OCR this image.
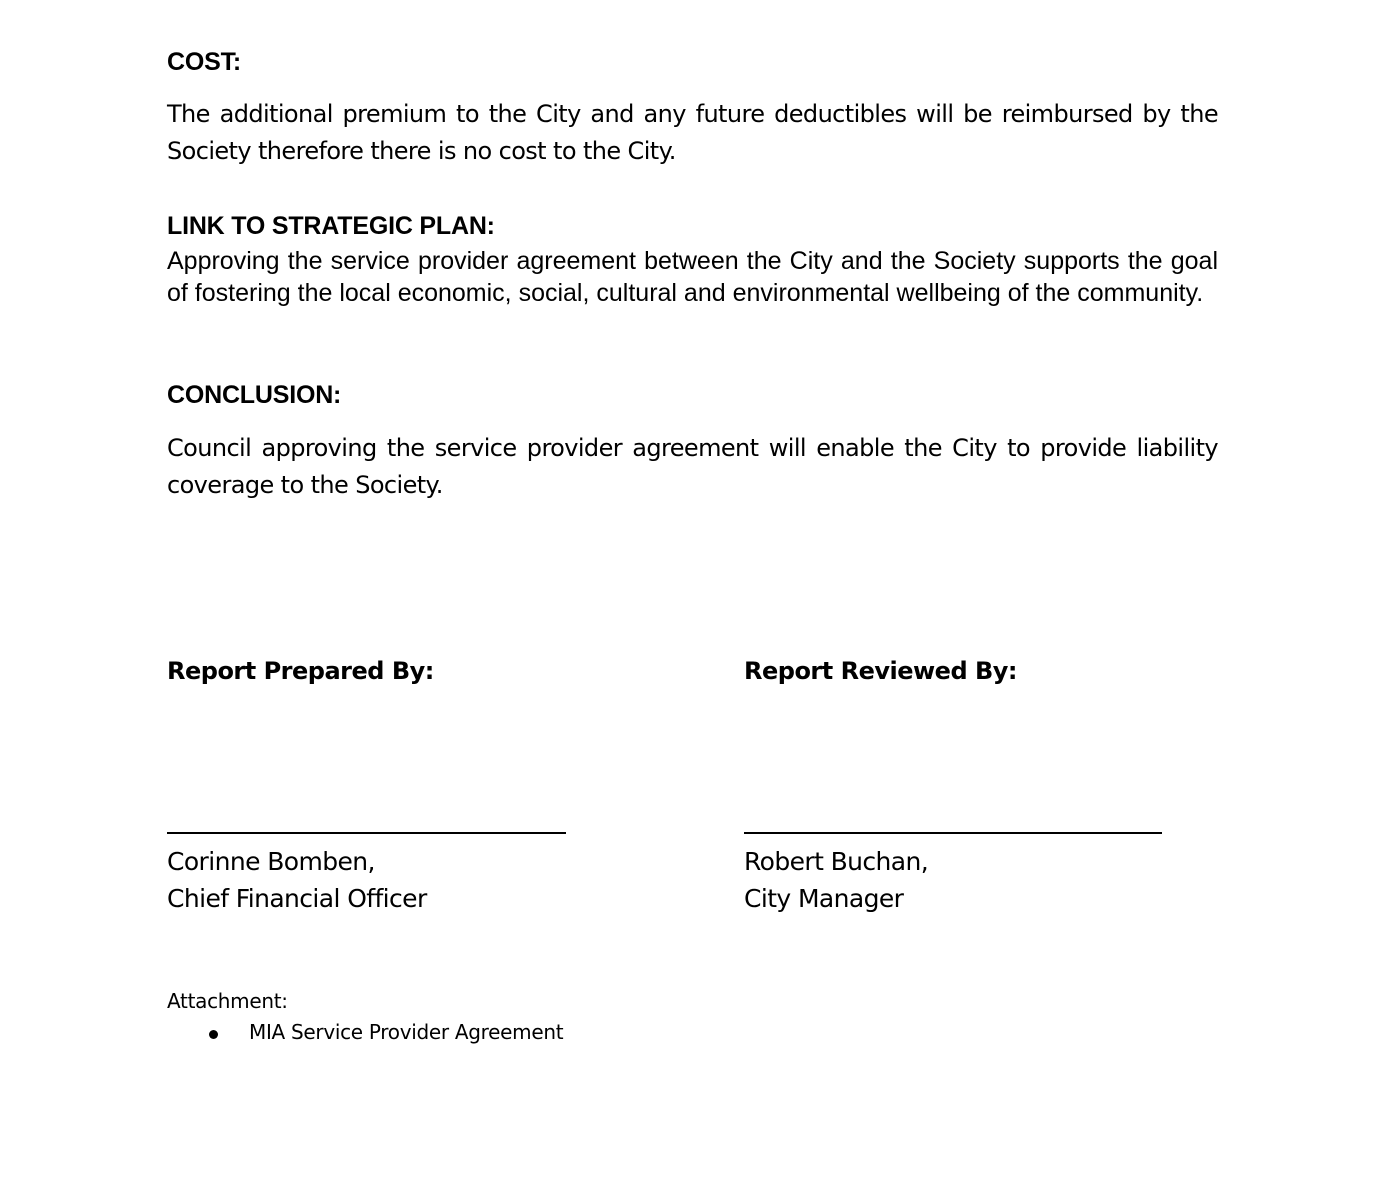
COST:
The additional premium to the City and any future deductibles will be reimbursed by the Society therefore there is no cost to the City.
LINK TO STRATEGIC PLAN:
Approving the service provider agreement between the City and the Society supports the goal of fostering the local economic, social, cultural and environmental wellbeing of the community.
CONCLUSION:
Council approving the service provider agreement will enable the City to provide liability coverage to the Society.
Report Prepared By:	Report Reviewed By:
Corinne Bomben,
Chief Financial Officer
Robert Buchan,
City Manager
Attachment:
MIA Service Provider Agreement
